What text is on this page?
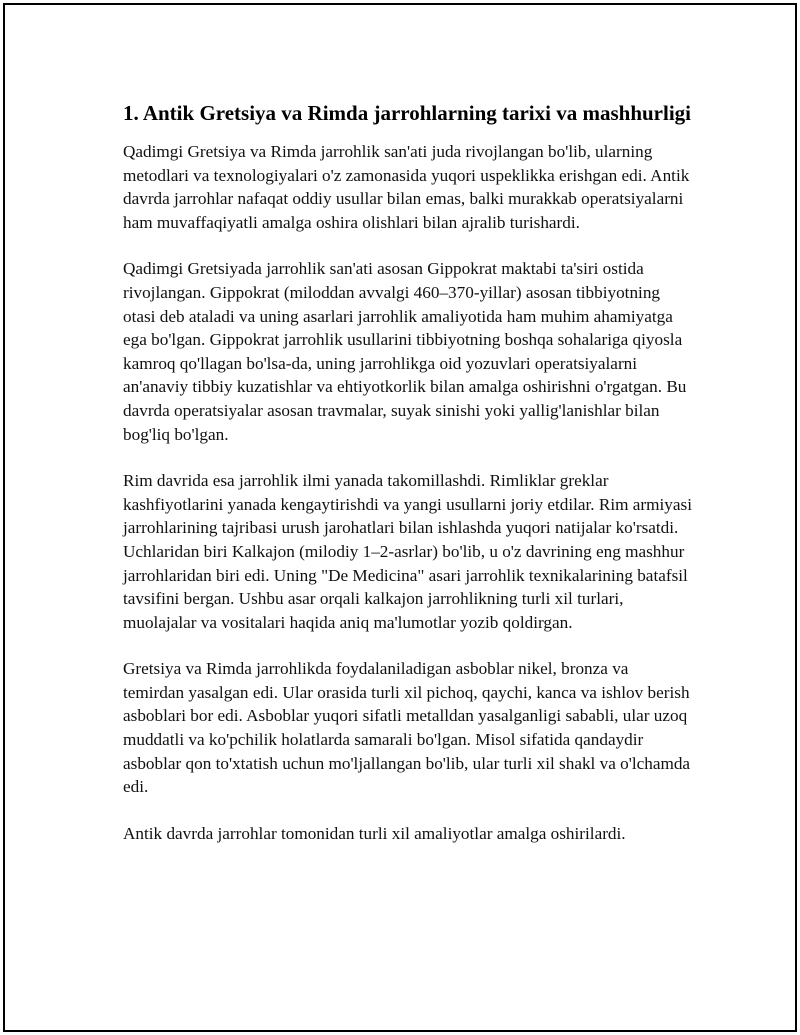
1. Antik Gretsiya va Rimda jarrohlarning tarixi va mashhurligi

Qadimgi Gretsiya va Rimda jarrohlik san'ati juda rivojlangan bo'lib, ularning metodlari va texnologiyalari o'z zamonasida yuqori uspeklikka erishgan edi. Antik davrda jarrohlar nafaqat oddiy usullar bilan emas, balki murakkab operatsiyalarni ham muvaffaqiyatli amalga oshira olishlari bilan ajralib turishardi.

Qadimgi Gretsiyada jarrohlik san'ati asosan Gippokrat maktabi ta'siri ostida rivojlangan. Gippokrat (miloddan avvalgi 460–370-yillar) asosan tibbiyotning otasi deb ataladi va uning asarlari jarrohlik amaliyotida ham muhim ahamiyatga ega bo'lgan. Gippokrat jarrohlik usullarini tibbiyotning boshqa sohalariga qiyosla kamroq qo'llagan bo'lsa-da, uning jarrohlikga oid yozuvlari operatsiyalarni an'anaviy tibbiy kuzatishlar va ehtiyotkorlik bilan amalga oshirishni o'rgatgan. Bu davrda operatsiyalar asosan travmalar, suyak sinishi yoki yallig'lanishlar bilan bog'liq bo'lgan.

Rim davrida esa jarrohlik ilmi yanada takomillashdi. Rimliklar greklar kashfiyotlarini yanada kengaytirishdi va yangi usullarni joriy etdilar. Rim armiyasi jarrohlarining tajribasi urush jarohatlari bilan ishlashda yuqori natijalar ko'rsatdi. Uchlaridan biri Kalkajon (milodiy 1–2-asrlar) bo'lib, u o'z davrining eng mashhur jarrohlaridan biri edi. Uning "De Medicina" asari jarrohlik texnikalarining batafsil tavsifini bergan. Ushbu asar orqali kalkajon jarrohlikning turli xil turlari, muolajalar va vositalari haqida aniq ma'lumotlar yozib qoldirgan.

Gretsiya va Rimda jarrohlikda foydalaniladigan asboblar nikel, bronza va temirdan yasalgan edi. Ular orasida turli xil pichoq, qaychi, kanca va ishlov berish asboblari bor edi. Asboblar yuqori sifatli metalldan yasalganligi sababli, ular uzoq muddatli va ko'pchilik holatlarda samarali bo'lgan. Misol sifatida qandaydir asboblar qon to'xtatish uchun mo'ljallangan bo'lib, ular turli xil shakl va o'lchamda edi.

Antik davrda jarrohlar tomonidan turli xil amaliyotlar amalga oshirilardi.
